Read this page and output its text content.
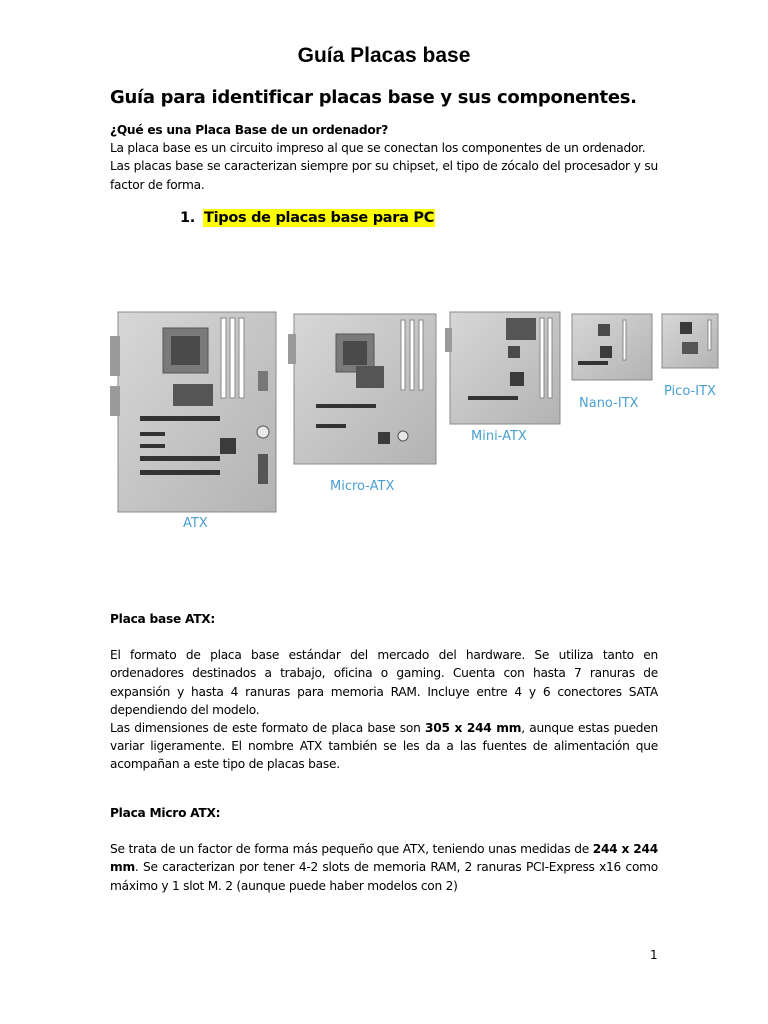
Guía Placas base
Guía para identificar placas base y sus componentes.
¿Qué es una Placa Base de un ordenador?
La placa base es un circuito impreso al que se conectan los componentes de un ordenador.
Las placas base se caracterizan siempre por su chipset, el tipo de zócalo del procesador y su factor de forma.
1. Tipos de placas base para PC
ATX
Micro-ATX
Mini-ATX
Nano-ITX
Pico-ITX
Placa base ATX:
El formato de placa base estándar del mercado del hardware. Se utiliza tanto en ordenadores destinados a trabajo, oficina o gaming. Cuenta con hasta 7 ranuras de expansión y hasta 4 ranuras para memoria RAM. Incluye entre 4 y 6 conectores SATA dependiendo del modelo.
Las dimensiones de este formato de placa base son 305 x 244 mm, aunque estas pueden variar ligeramente. El nombre ATX también se les da a las fuentes de alimentación que acompañan a este tipo de placas base.
Placa Micro ATX:
Se trata de un factor de forma más pequeño que ATX, teniendo unas medidas de 244 x 244 mm. Se caracterizan por tener 4-2 slots de memoria RAM, 2 ranuras PCI-Express x16 como máximo y 1 slot M. 2 (aunque puede haber modelos con 2)
1
